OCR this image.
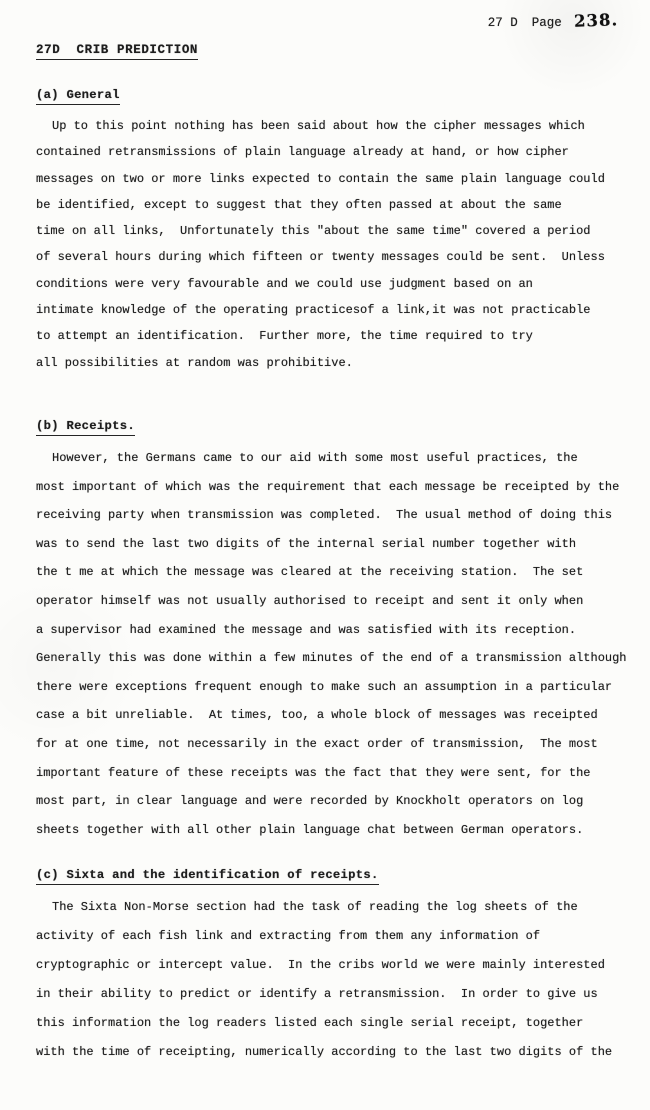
27 D Page 238.
27D  CRIB PREDICTION
(a) General
Up to this point nothing has been said about how the cipher messages which
contained retransmissions of plain language already at hand, or how cipher
messages on two or more links expected to contain the same plain language could
be identified, except to suggest that they often passed at about the same
time on all links,  Unfortunately this "about the same time" covered a period
of several hours during which fifteen or twenty messages could be sent.  Unless
conditions were very favourable and we could use judgment based on an
intimate knowledge of the operating practicesof a link,it was not practicable
to attempt an identification.  Further more, the time required to try
all possibilities at random was prohibitive.
(b) Receipts.
However, the Germans came to our aid with some most useful practices, the
most important of which was the requirement that each message be receipted by the
receiving party when transmission was completed.  The usual method of doing this
was to send the last two digits of the internal serial number together with
the t me at which the message was cleared at the receiving station.  The set
operator himself was not usually authorised to receipt and sent it only when
a supervisor had examined the message and was satisfied with its reception.
Generally this was done within a few minutes of the end of a transmission although
there were exceptions frequent enough to make such an assumption in a particular
case a bit unreliable.  At times, too, a whole block of messages was receipted
for at one time, not necessarily in the exact order of transmission,  The most
important feature of these receipts was the fact that they were sent, for the
most part, in clear language and were recorded by Knockholt operators on log
sheets together with all other plain language chat between German operators.
(c) Sixta and the identification of receipts.
The Sixta Non-Morse section had the task of reading the log sheets of the
activity of each fish link and extracting from them any information of
cryptographic or intercept value.  In the cribs world we were mainly interested
in their ability to predict or identify a retransmission.  In order to give us
this information the log readers listed each single serial receipt, together
with the time of receipting, numerically according to the last two digits of the
